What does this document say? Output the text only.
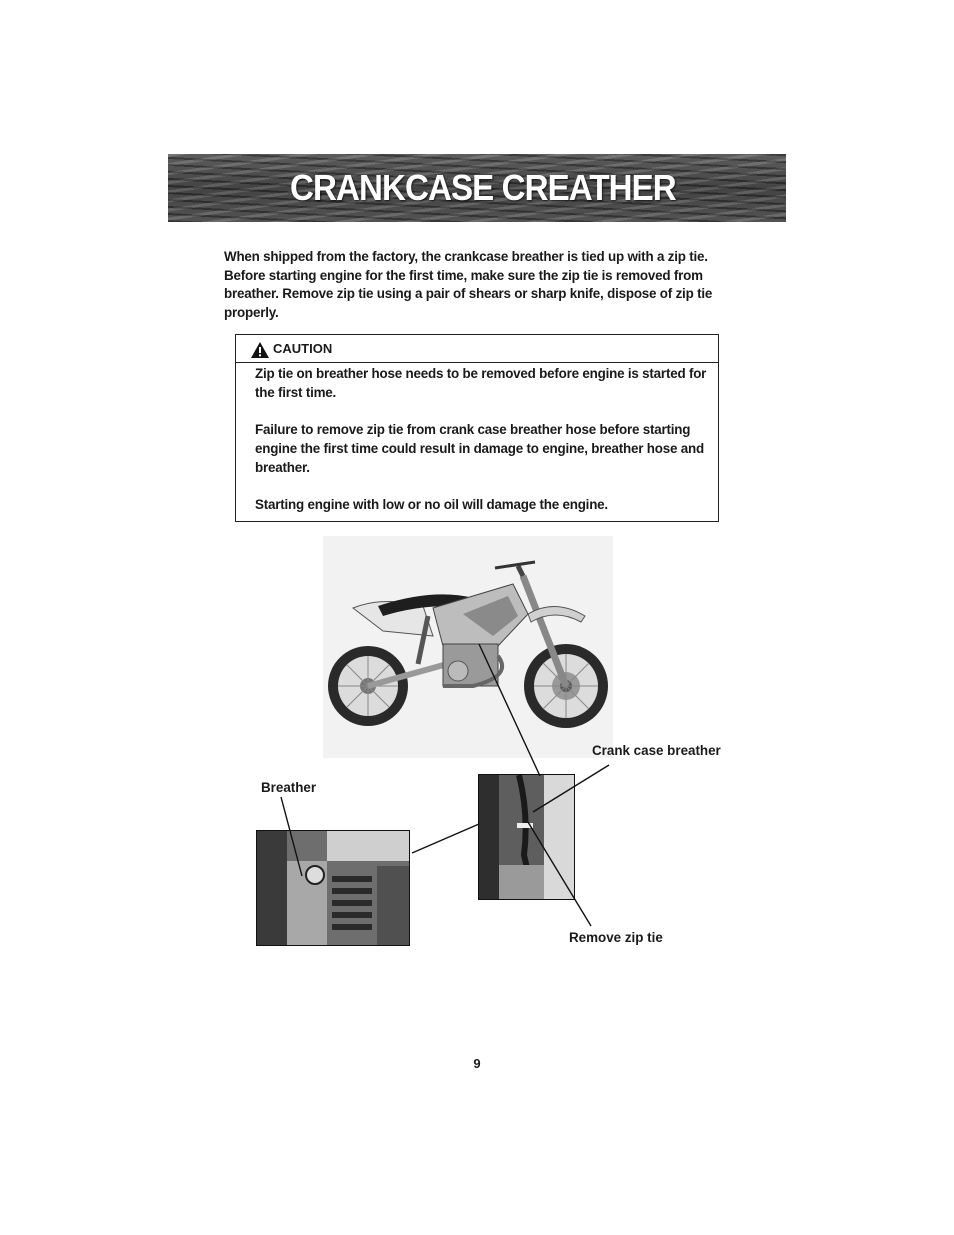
CRANKCASE CREATHER

When shipped from the factory, the crankcase breather is tied up with a zip tie. Before starting engine for the first time, make sure the zip tie is removed from breather. Remove zip tie using a pair of shears or sharp knife, dispose of zip tie properly.

CAUTION

Zip tie on breather hose needs to be removed before engine is started for the first time.

Failure to remove zip tie from crank case breather hose before starting engine the first time could result in damage to engine, breather hose and breather.

Starting engine with low or no oil will damage the engine.

Crank case breather
Breather
Remove zip tie
9
